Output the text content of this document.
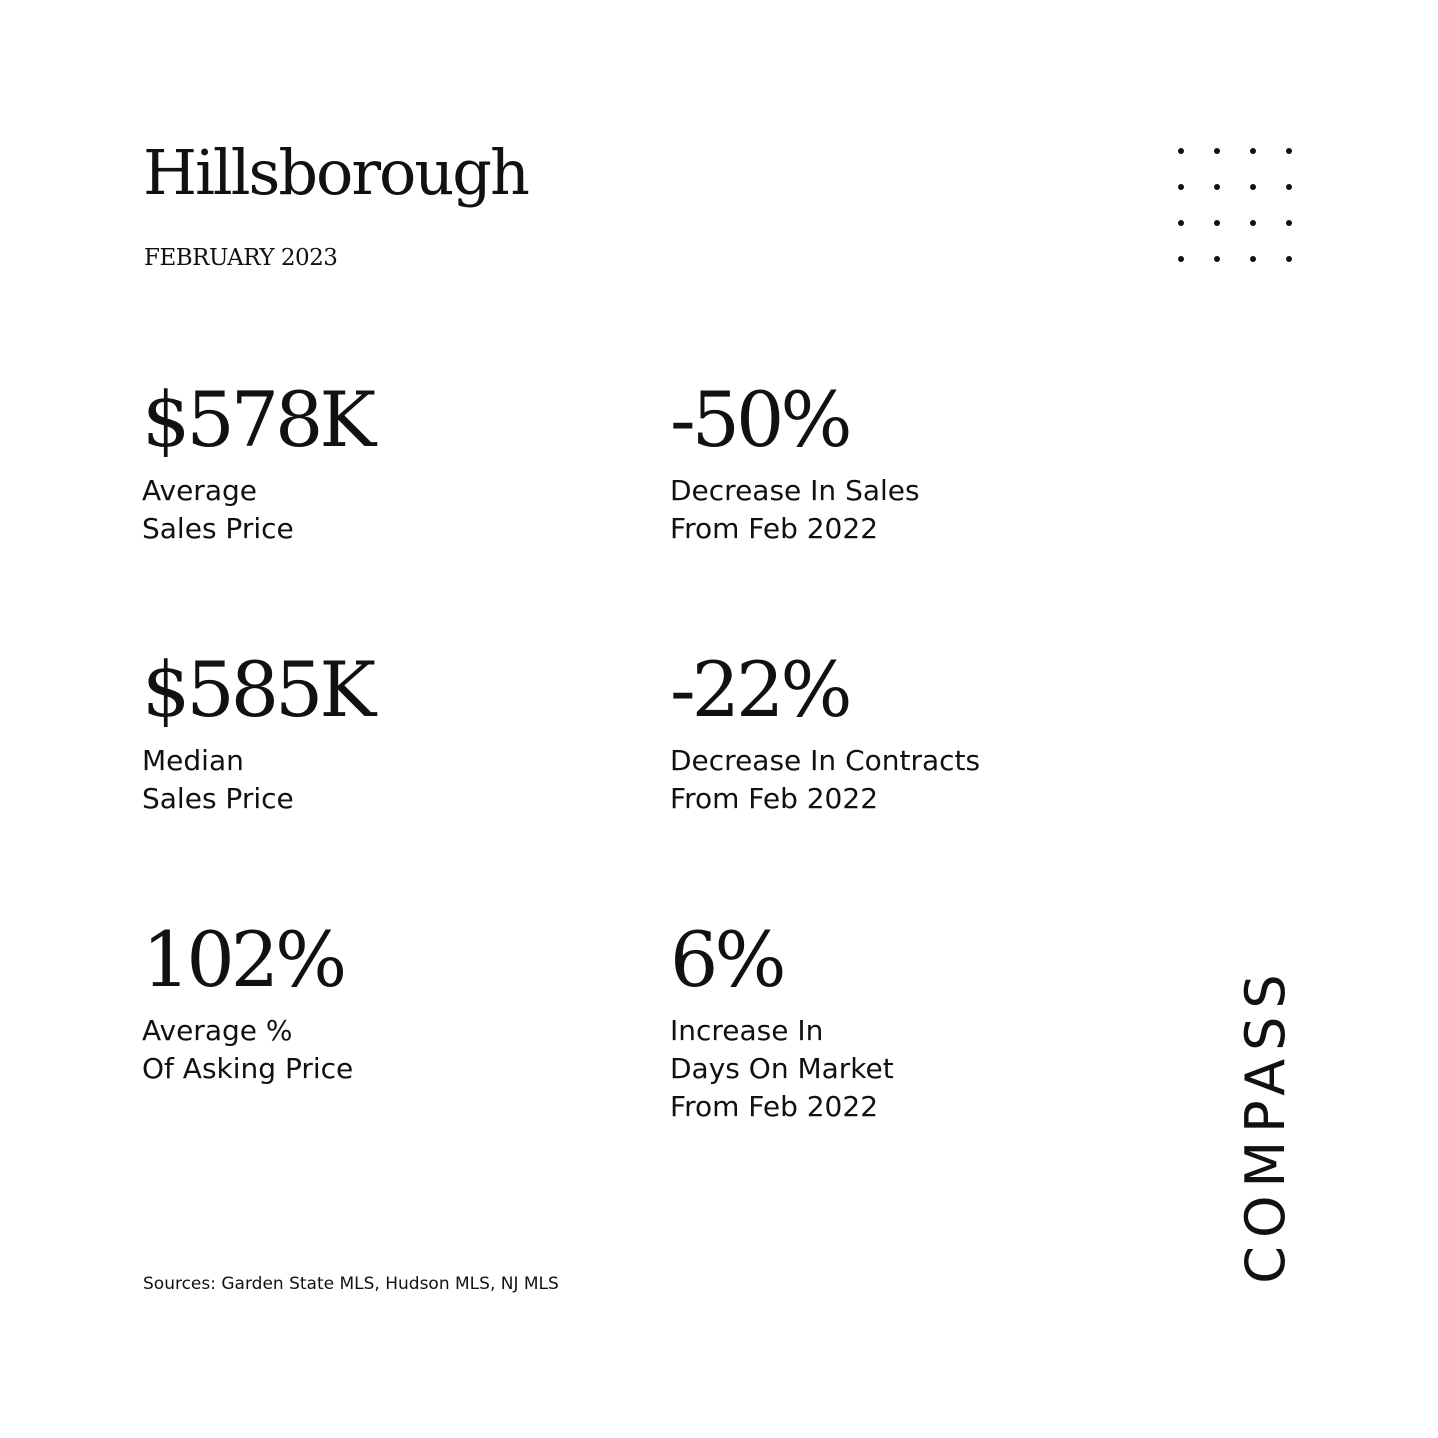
Hillsborough
FEBRUARY 2023
$578K
Average
Sales Price
-50%
Decrease In Sales
From Feb 2022
$585K
Median
Sales Price
-22%
Decrease In Contracts
From Feb 2022
102%
Average %
Of Asking Price
6%
Increase In
Days On Market
From Feb 2022
Sources: Garden State MLS, Hudson MLS, NJ MLS
COMPASS
